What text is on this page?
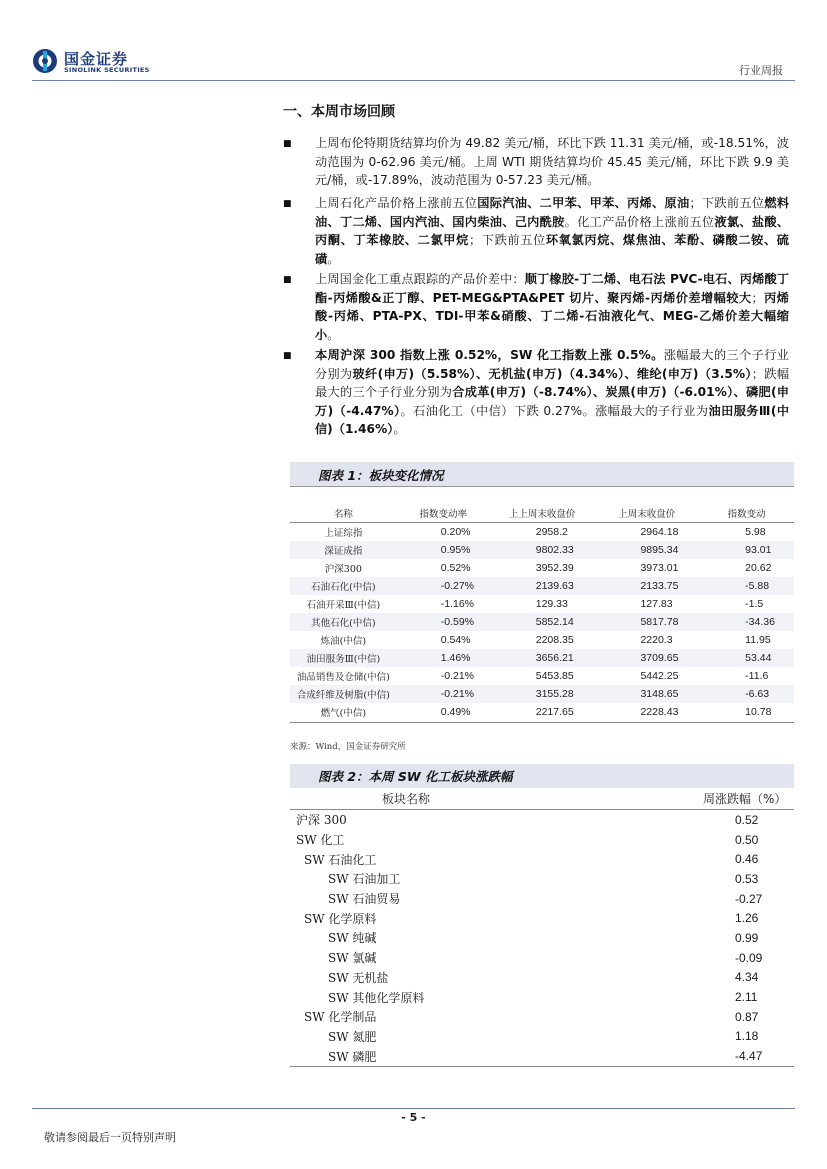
国金证券
SINOLINK SECURITIES	行业周报
一、本周市场回顾
■ 上周布伦特期货结算均价为 49.82 美元/桶，环比下跌 11.31 美元/桶，或-18.51%，波动范围为 0-62.96 美元/桶。上周 WTI 期货结算均价 45.45 美元/桶，环比下跌 9.9 美元/桶，或-17.89%，波动范围为 0-57.23 美元/桶。
■ 上周石化产品价格上涨前五位国际汽油、二甲苯、甲苯、丙烯、原油；下跌前五位燃料油、丁二烯、国内汽油、国内柴油、己内酰胺。化工产品价格上涨前五位液氯、盐酸、丙酮、丁苯橡胶、二氯甲烷；下跌前五位环氧氯丙烷、煤焦油、苯酚、磷酸二铵、硫磺。
■ 上周国金化工重点跟踪的产品价差中：顺丁橡胶-丁二烯、电石法 PVC-电石、丙烯酸丁酯-丙烯酸&正丁醇、PET-MEG&PTA&PET 切片、聚丙烯-丙烯价差增幅较大；丙烯酸-丙烯、PTA-PX、TDI-甲苯&硝酸、丁二烯-石油液化气、MEG-乙烯价差大幅缩小。
■ 本周沪深 300 指数上涨 0.52%，SW 化工指数上涨 0.5%。涨幅最大的三个子行业分别为玻纤(申万)（5.58%）、无机盐(申万)（4.34%）、维纶(申万)（3.5%）；跌幅最大的三个子行业分别为合成革(申万)（-8.74%）、炭黑(申万)（-6.01%）、磷肥(申万)（-4.47%）。石油化工（中信）下跌 0.27%。涨幅最大的子行业为油田服务Ⅲ(中信)（1.46%）。
图表 1：板块变化情况
名称	指数变动率	上上周末收盘价	上周末收盘价	指数变动
上证综指	0.20%	2958.2	2964.18	5.98
深证成指	0.95%	9802.33	9895.34	93.01
沪深300	0.52%	3952.39	3973.01	20.62
石油石化(中信)	-0.27%	2139.63	2133.75	-5.88
石油开采Ⅲ(中信)	-1.16%	129.33	127.83	-1.5
其他石化(中信)	-0.59%	5852.14	5817.78	-34.36
炼油(中信)	0.54%	2208.35	2220.3	11.95
油田服务Ⅲ(中信)	1.46%	3656.21	3709.65	53.44
油品销售及仓储(中信)	-0.21%	5453.85	5442.25	-11.6
合成纤维及树脂(中信)	-0.21%	3155.28	3148.65	-6.63
燃气(中信)	0.49%	2217.65	2228.43	10.78
来源：Wind，国金证券研究所
图表 2：本周 SW 化工板块涨跌幅
板块名称	周涨跌幅（%）
沪深 300	0.52
SW 化工	0.50
SW 石油化工	0.46
SW 石油加工	0.53
SW 石油贸易	-0.27
SW 化学原料	1.26
SW 纯碱	0.99
SW 氯碱	-0.09
SW 无机盐	4.34
SW 其他化学原料	2.11
SW 化学制品	0.87
SW 氮肥	1.18
SW 磷肥	-4.47
- 5 -
敬请参阅最后一页特别声明
